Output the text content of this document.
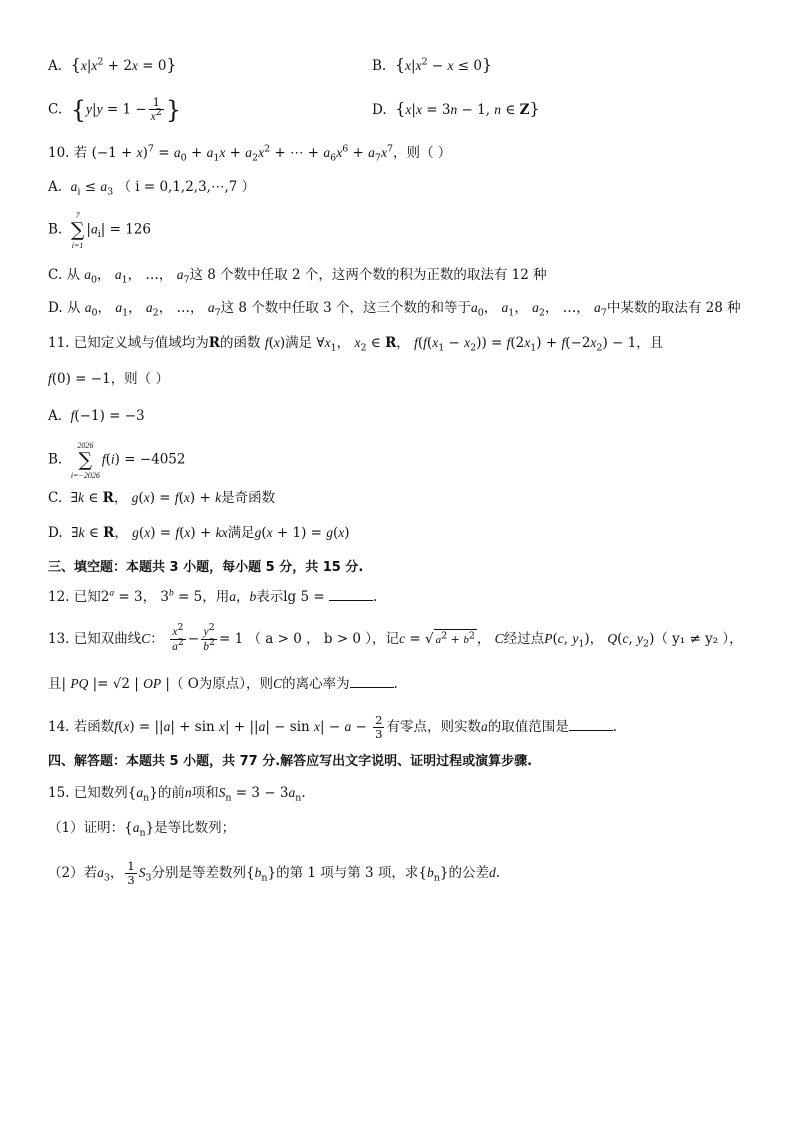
A. $\{x|x^2 + 2x = 0\}$	B. $\{x|x^2 - x \le 0\}$
C. {$y|y = 1 - \frac{1}{x^2}$ }	D. {x|x = 3n − 1, n ∈ Z}
10. 若 $(-1 + x)^7 = a_0 + a_1x + a_2x^2$ + ⋯ + $a_6x^6 + a_7x^7$，则（ ）
A. $a_i \le a_3$ （ i = 0,1,2,3,⋯,7 ）
B.  7
∑
$i=1|a_i| = 126$
C. 从 $a_0$， $a_1$， …， $a_7$这 8 个数中任取 2 个，这两个数的积为正数的取法有 12 种
D. 从 $a_0$， $a_1$， $a_2$， …， $a_7$这 8 个数中任取 3 个，这三个数的和等于$a_0$， $a_1$， $a_2$， …， $a_7$中某数的取法有 28 种
11. 已知定义域与值域均为R的函数 f(x)满足 $\forall x_1$， $x_2$ ∈ R， $f(f(x_1 - x_2)) = f(2x_1) + f(-2x_2) - 1$，且
f(0) = −1，则（ ）
A. f(−1) = −3
B.  2026
∑
i=−2026f(i) = −4052
C.  ∃k ∈ R， g(x) = f(x) + k是奇函数
D.  ∃k ∈ R， g(x) = f(x) + kx满足g(x + 1) = g(x)
三、填空题：本题共 3 小题，每小题 5 分，共 15 分.
12. 已知$2^a = 3$， $3^b = 5$，用a，b表示lg 5 =	.
13. 已知双曲线C： $\frac{x^2}{a^2} - \frac{y^2}{b^2} = 1$ （ a > 0 ， b > 0 ），记c = √ $a^2 + b^2$ ， C经过点P(c, $y_1$)， Q(c, $y_2$)（ y₁ ≠ y₂ ），
且| PQ |= √2 | OP |（ O为原点），则C的离心率为	.
14. 若函数$f(x) = ||a| + \sin x| + ||a| - \sin x| - a - \frac{2}{3}$ 有零点，则实数a的取值范围是	.
四、解答题：本题共 5 小题，共 77 分.解答应写出文字说明、证明过程或演算步骤.
15. 已知数列$\{a_n\}$的前n项和$S_n = 3 - 3a_n$.
（1）证明：$\{a_n\}$是等比数列；
（2）若$a_3$， $\frac{1}{3} S_3$分别是等差数列$\{b_n\}$的第 1 项与第 3 项，求$\{b_n\}$的公差d.
